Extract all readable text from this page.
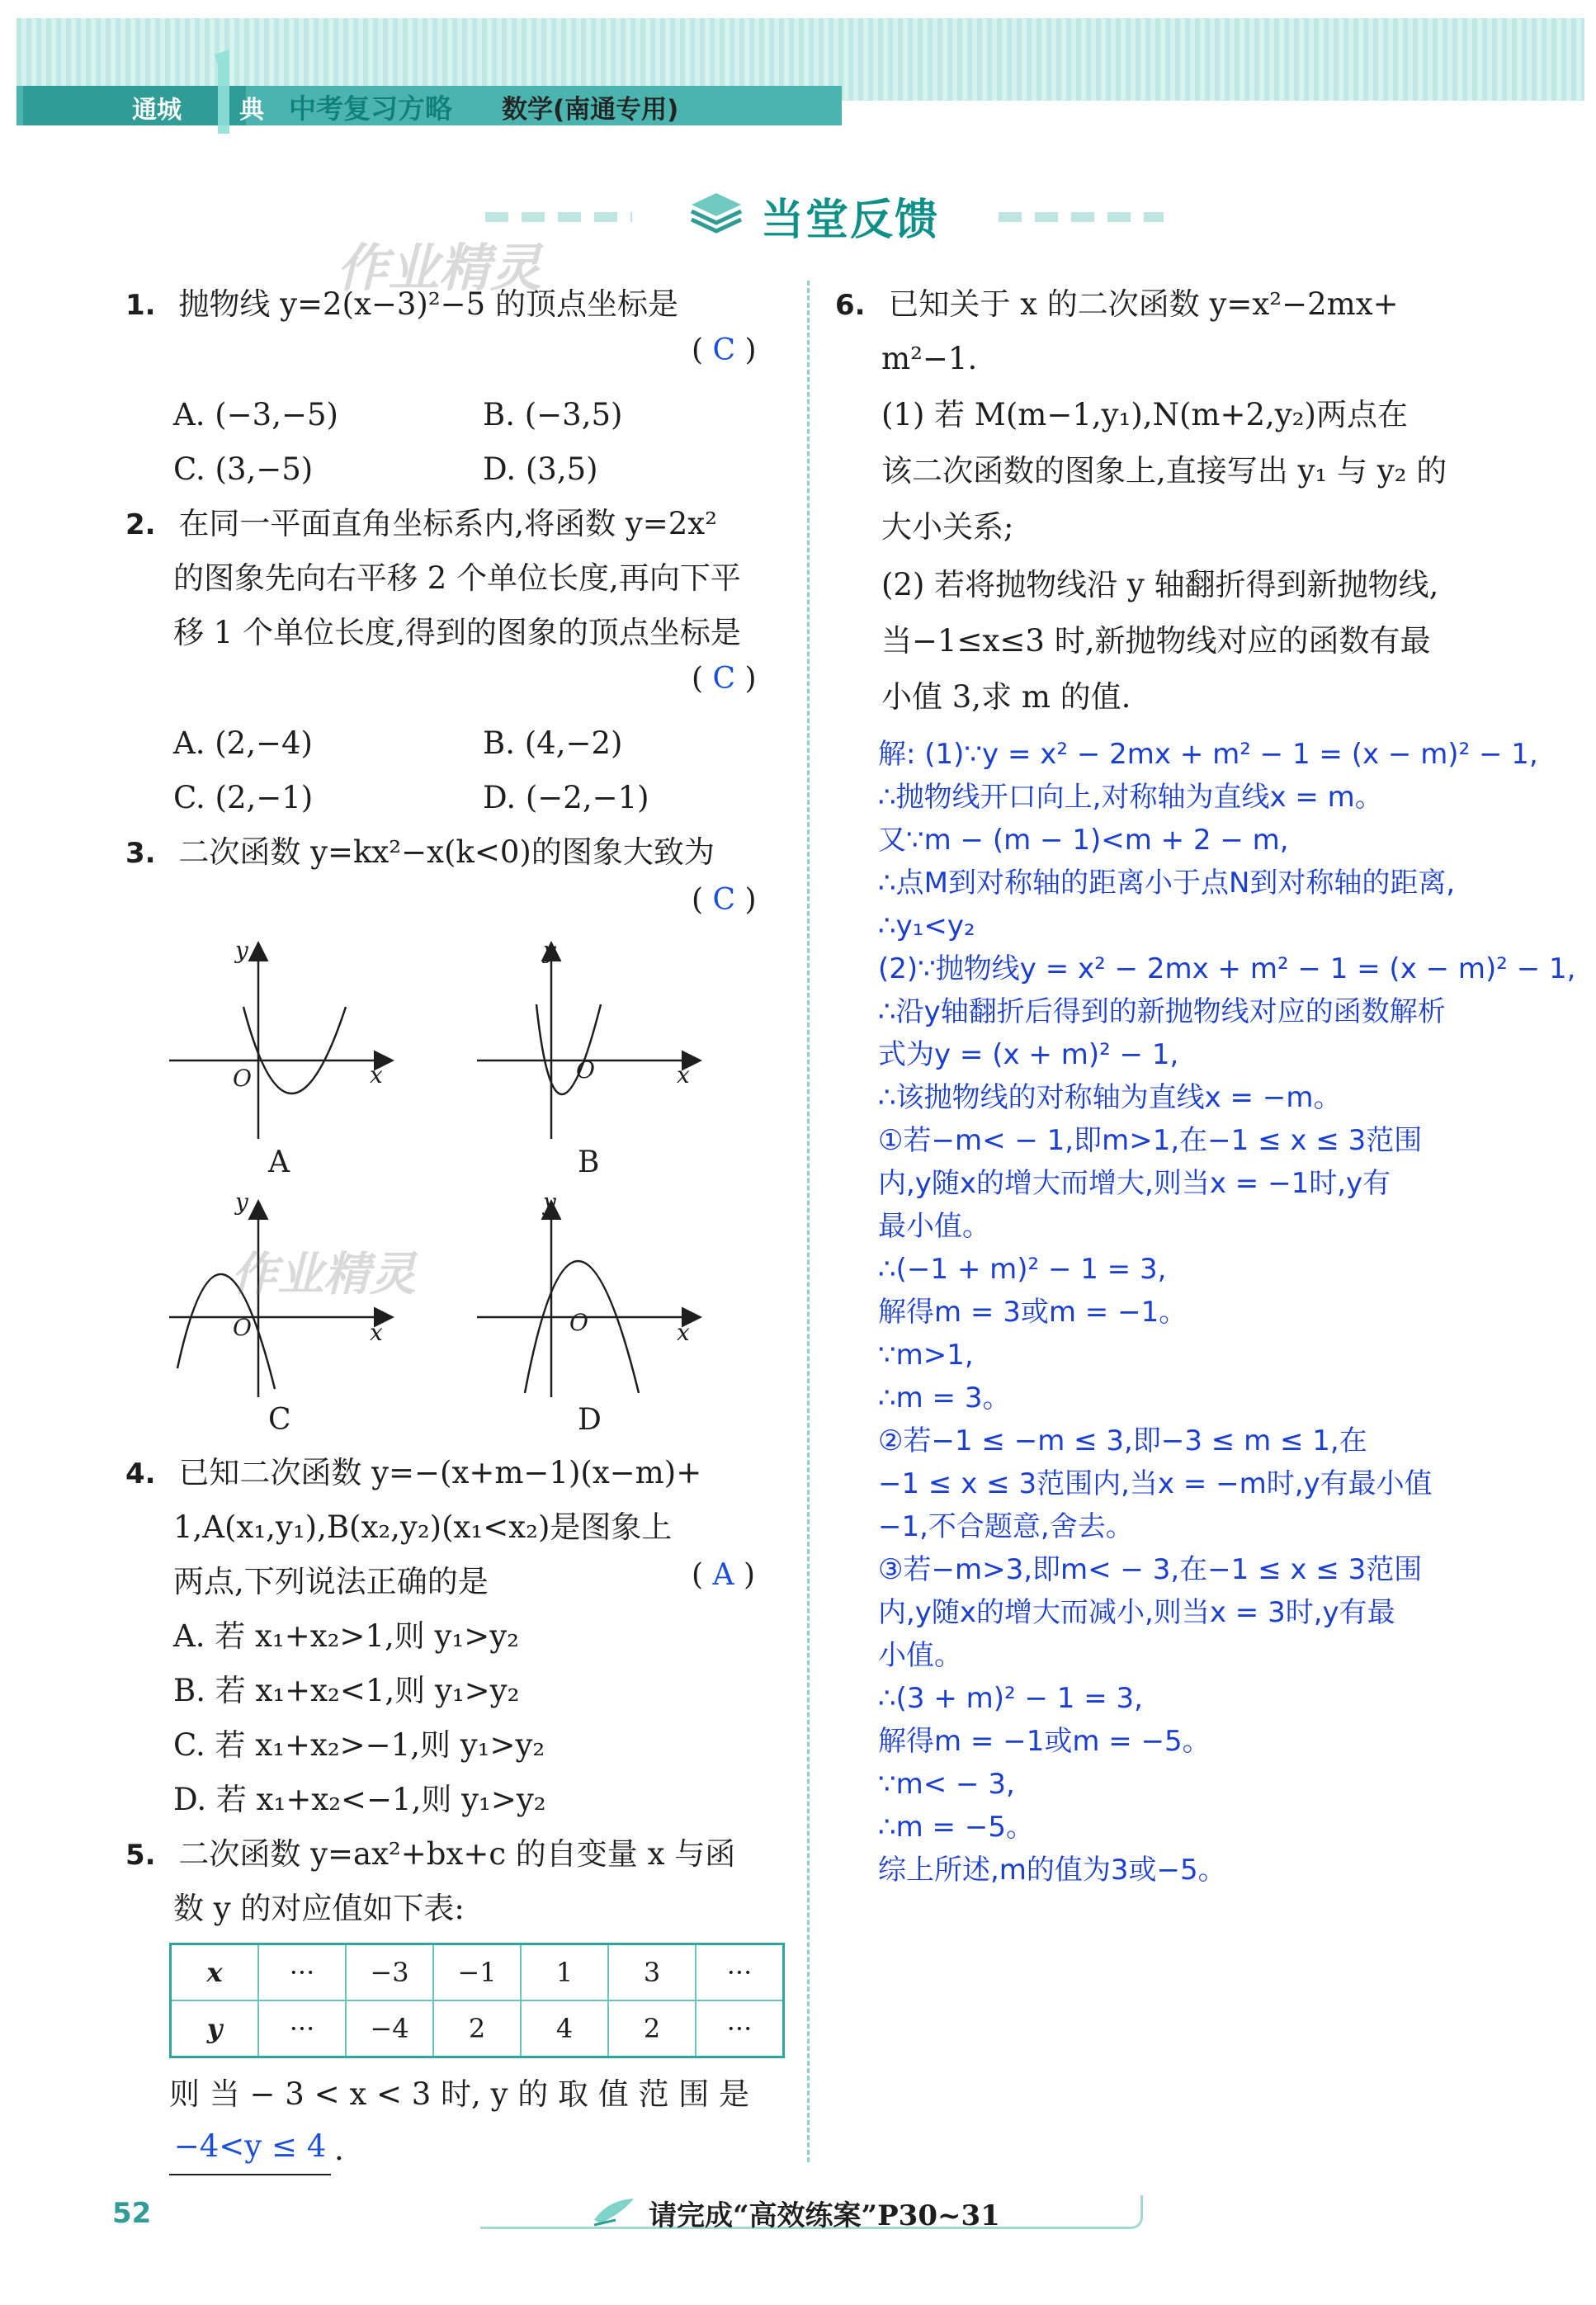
通城 典 中考复习方略 数学(南通专用)
当堂反馈
作业精灵
1. 抛物线 y=2(x−3)²−5 的顶点坐标是
( C )
A. (−3,−5)	B. (−3,5)
C. (3,−5)	D. (3,5)
2. 在同一平面直角坐标系内,将函数 y=2x²
的图象先向右平移 2 个单位长度,再向下平
移 1 个单位长度,得到的图象的顶点坐标是
( C )
A. (2,−4)	B. (4,−2)
C. (2,−1)	D. (−2,−1)
3. 二次函数 y=kx²−x(k<0)的图象大致为
( C )
y
x
O
A
y
x
O
B
y
x
O
作业精灵
C
y
x
O
D
4. 已知二次函数 y=−(x+m−1)(x−m)+
1,A(x₁,y₁),B(x₂,y₂)(x₁<x₂)是图象上
两点,下列说法正确的是	( A )
A. 若 x₁+x₂>1,则 y₁>y₂
B. 若 x₁+x₂<1,则 y₁>y₂
C. 若 x₁+x₂>−1,则 y₁>y₂
D. 若 x₁+x₂<−1,则 y₁>y₂
5. 二次函数 y=ax²+bx+c 的自变量 x 与函
数 y 的对应值如下表:
x	···	−3	−1	1	3	···
y	···	−4	2	4	2	···
则 当 − 3 < x < 3 时, y 的 取 值 范 围 是
−4<y ≤ 4 .
6. 已知关于 x 的二次函数 y=x²−2mx+
m²−1.
(1) 若 M(m−1,y₁),N(m+2,y₂)两点在
该二次函数的图象上,直接写出 y₁ 与 y₂ 的
大小关系;
(2) 若将抛物线沿 y 轴翻折得到新抛物线,
当−1≤x≤3 时,新抛物线对应的函数有最
小值 3,求 m 的值.
解: (1)∵y = x² − 2mx + m² − 1 = (x − m)² − 1,
∴抛物线开口向上,对称轴为直线x = m。
又∵m − (m − 1)<m + 2 − m,
∴点M到对称轴的距离小于点N到对称轴的距离,
∴y₁<y₂
(2)∵抛物线y = x² − 2mx + m² − 1 = (x − m)² − 1,
∴沿y轴翻折后得到的新抛物线对应的函数解析
式为y = (x + m)² − 1,
∴该抛物线的对称轴为直线x = −m。
①若−m< − 1,即m>1,在−1 ≤ x ≤ 3范围
内,y随x的增大而增大,则当x = −1时,y有
最小值。
∴(−1 + m)² − 1 = 3,
解得m = 3或m = −1。
∵m>1,
∴m = 3。
②若−1 ≤ −m ≤ 3,即−3 ≤ m ≤ 1,在
−1 ≤ x ≤ 3范围内,当x = −m时,y有最小值
−1,不合题意,舍去。
③若−m>3,即m< − 3,在−1 ≤ x ≤ 3范围
内,y随x的增大而减小,则当x = 3时,y有最
小值。
∴(3 + m)² − 1 = 3,
解得m = −1或m = −5。
∵m< − 3,
∴m = −5。
综上所述,m的值为3或−5。
52	请完成“高效练案”P30~31
